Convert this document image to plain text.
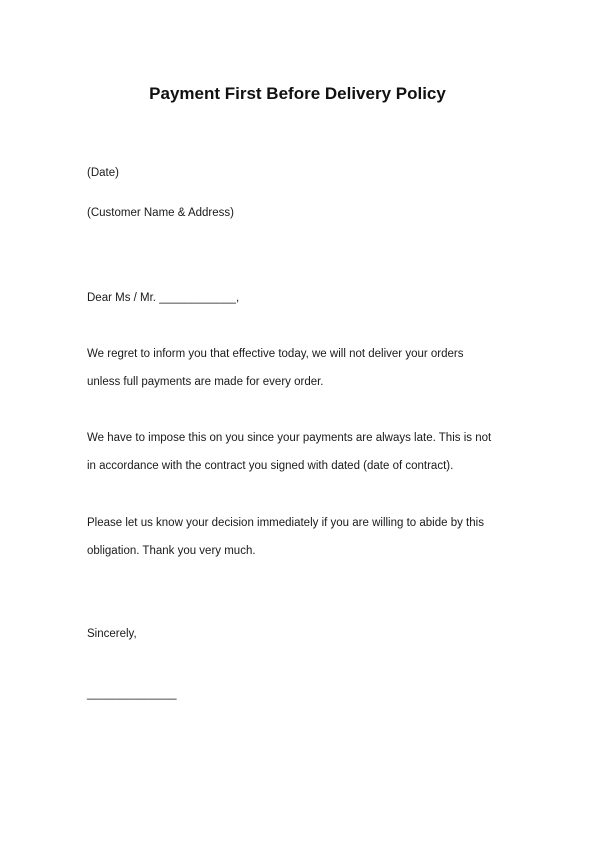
Payment First Before Delivery Policy
(Date)
(Customer Name & Address)
Dear Ms / Mr. ____________,
We regret to inform you that effective today, we will not deliver your orders
unless full payments are made for every order.
We have to impose this on you since your payments are always late. This is not
in accordance with the contract you signed with dated (date of contract).
Please let us know your decision immediately if you are willing to abide by this
obligation. Thank you very much.
Sincerely,
______________
